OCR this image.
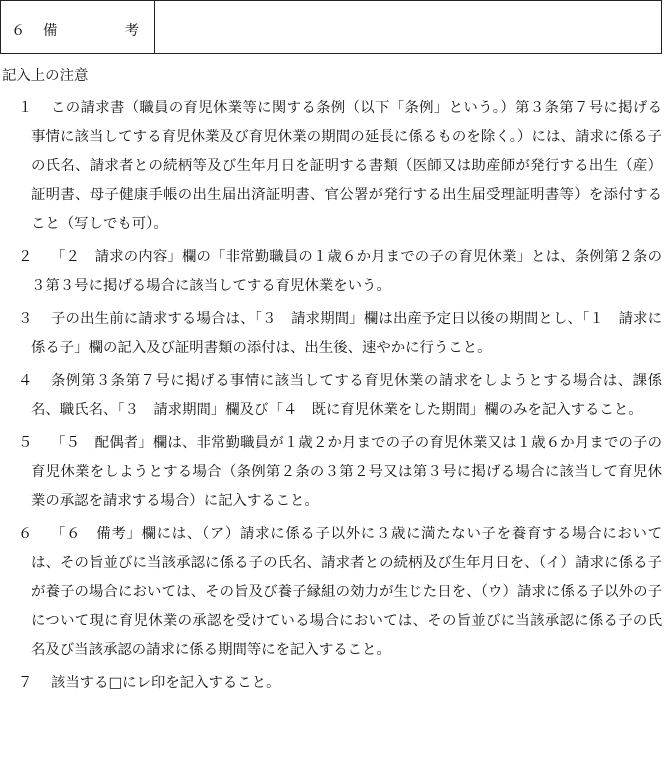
６ 備	考
記入上の注意
１	この請求書（職員の育児休業等に関する条例（以下「条例」という。）第３条第７号に掲げる事情に該当してする育児休業及び育児休業の期間の延長に係るものを除く。）には、請求に係る子の氏名、請求者との続柄等及び生年月日を証明する書類（医師又は助産師が発行する出生（産）証明書、母子健康手帳の出生届出済証明書、官公署が発行する出生届受理証明書等）を添付すること（写しでも可）。
２	「２　請求の内容」欄の「非常勤職員の１歳６か月までの子の育児休業」とは、条例第２条の３第３号に掲げる場合に該当してする育児休業をいう。
３	子の出生前に請求する場合は、「３　請求期間」欄は出産予定日以後の期間とし、「１　請求に係る子」欄の記入及び証明書類の添付は、出生後、速やかに行うこと。
４	条例第３条第７号に掲げる事情に該当してする育児休業の請求をしようとする場合は、課係名、職氏名、「３　請求期間」欄及び「４　既に育児休業をした期間」欄のみを記入すること。
５	「５　配偶者」欄は、非常勤職員が１歳２か月までの子の育児休業又は１歳６か月までの子の育児休業をしようとする場合（条例第２条の３第２号又は第３号に掲げる場合に該当して育児休業の承認を請求する場合）に記入すること。
６	「６　備考」欄には、（ア）請求に係る子以外に３歳に満たない子を養育する場合においては、その旨並びに当該承認に係る子の氏名、請求者との続柄及び生年月日を、（イ）請求に係る子が養子の場合においては、その旨及び養子縁組の効力が生じた日を、（ウ）請求に係る子以外の子について現に育児休業の承認を受けている場合においては、その旨並びに当該承認に係る子の氏名及び当該承認の請求に係る期間等にを記入すること。
７	該当する□にレ印を記入すること。
